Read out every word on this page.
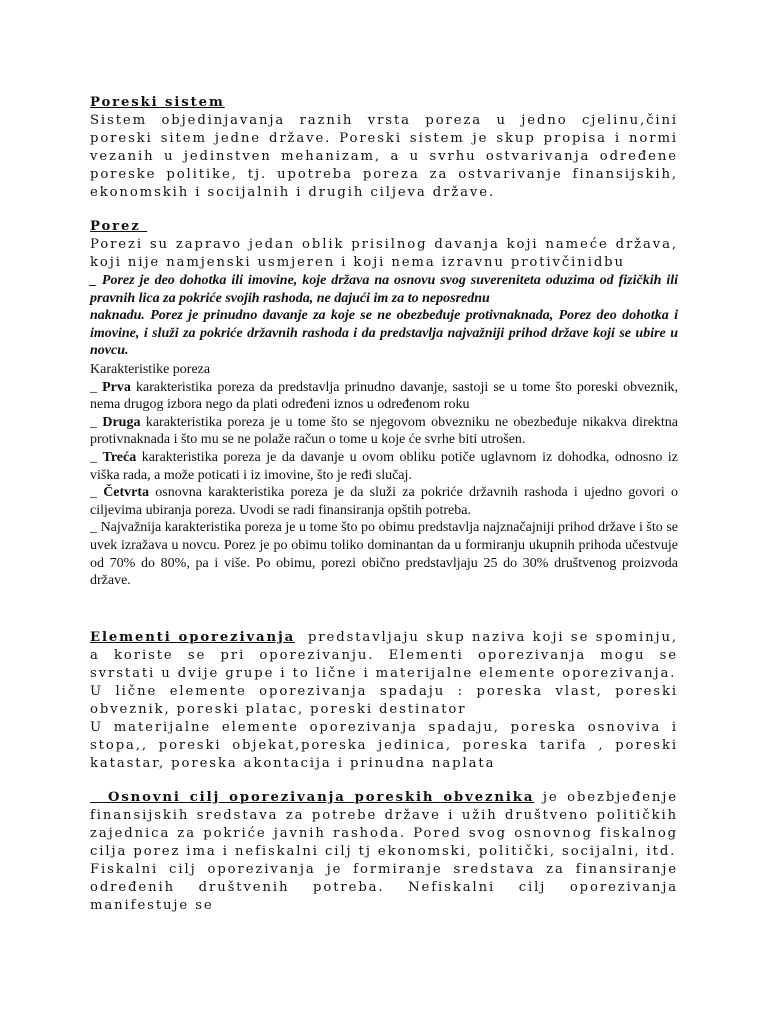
Poreski sistem

Sistem objedinjavanja raznih vrsta poreza u jedno cjelinu,čini poreski sitem jedne države. Poreski sistem je skup propisa i normi vezanih u jedinstven mehanizam, a u svrhu ostvarivanja određene poreske politike, tj. upotreba poreza za ostvarivanje finansijskih, ekonomskih i socijalnih i drugih ciljeva države.

Porez

Porezi su zapravo jedan oblik prisilnog davanja koji nameće država, koji nije namjenski usmjeren i koji nema izravnu protivčinidbu

_ Porez je deo dohotka ili imovine, koje država na osnovu svog suvereniteta oduzima od fizičkih ili pravnih lica za pokriće svojih rashoda, ne dajući im za to neposrednu

naknadu. Porez je prinudno davanje za koje se ne obezbeđuje protivnaknada, Porez deo dohotka i imovine, i služi za pokriće državnih rashoda i da predstavlja najvažniji prihod države koji se ubire u novcu.

Karakteristike poreza

_ Prva karakteristika poreza da predstavlja prinudno davanje, sastoji se u tome što poreski obveznik, nema drugog izbora nego da plati određeni iznos u određenom roku

_ Druga karakteristika poreza je u tome što se njegovom obvezniku ne obezbeđuje nikakva direktna protivnaknada i što mu se ne polaže račun o tome u koje će svrhe biti utrošen.

_ Treća karakteristika poreza je da davanje u ovom obliku potiče uglavnom iz dohodka, odnosno iz viška rada, a može poticati i iz imovine, što je ređi slučaj.

_ Četvrta osnovna karakteristika poreza je da služi za pokriće državnih rashoda i ujedno govori o ciljevima ubiranja poreza. Uvodi se radi finansiranja opštih potreba.

_ Najvažnija karakteristika poreza je u tome što po obimu predstavlja najznačajniji prihod države i što se uvek izražava u novcu. Porez je po obimu toliko dominantan da u formiranju ukupnih prihoda učestvuje od 70% do 80%, pa i više. Po obimu, porezi obično predstavljaju 25 do 30% društvenog proizvoda države.

Elementi oporezivanja  predstavljaju skup naziva koji se spominju, a koriste se pri oporezivanju. Elementi oporezivanja mogu se svrstati u dvije grupe i to lične i materijalne elemente oporezivanja.

U lične elemente oporezivanja spadaju : poreska vlast, poreski obveznik, poreski platac, poreski destinator

U materijalne elemente oporezivanja spadaju, poreska osnoviva i stopa,, poreski objekat,poreska jedinica, poreska tarifa , poreski katastar, poreska akontacija i prinudna naplata

Osnovni cilj oporezivanja poreskih obveznika je obezbjeđenje finansijskih sredstava za potrebe države i užih društveno političkih zajednica za pokriće javnih rashoda. Pored svog osnovnog fiskalnog cilja porez ima i nefiskalni cilj tj ekonomski, politički, socijalni, itd.

Fiskalni cilj oporezivanja je formiranje sredstava za finansiranje određenih društvenih potreba. Nefiskalni cilj oporezivanja manifestuje se
